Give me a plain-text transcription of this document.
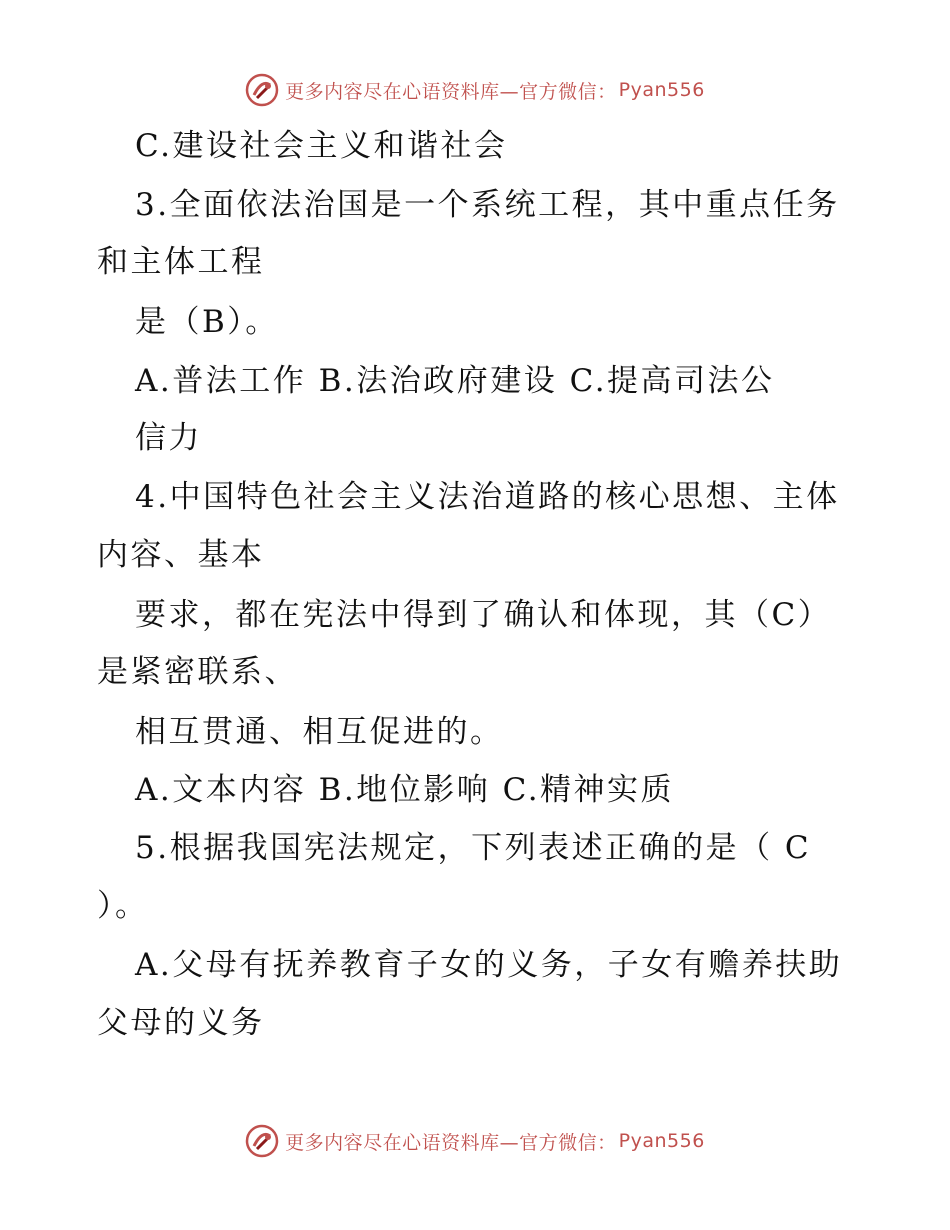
更多内容尽在心语资料库—官方微信： Pyan556
C.建设社会主义和谐社会
3.全面依法治国是一个系统工程，其中重点任务
和主体工程
是（B）。
A.普法工作 B.法治政府建设 C.提高司法公
信力
4.中国特色社会主义法治道路的核心思想、主体
内容、基本
要求，都在宪法中得到了确认和体现，其（C）
是紧密联系、
相互贯通、相互促进的。
A.文本内容 B.地位影响 C.精神实质
5.根据我国宪法规定，下列表述正确的是（ C
）。
A.父母有抚养教育子女的义务，子女有赡养扶助
父母的义务
更多内容尽在心语资料库—官方微信： Pyan556
